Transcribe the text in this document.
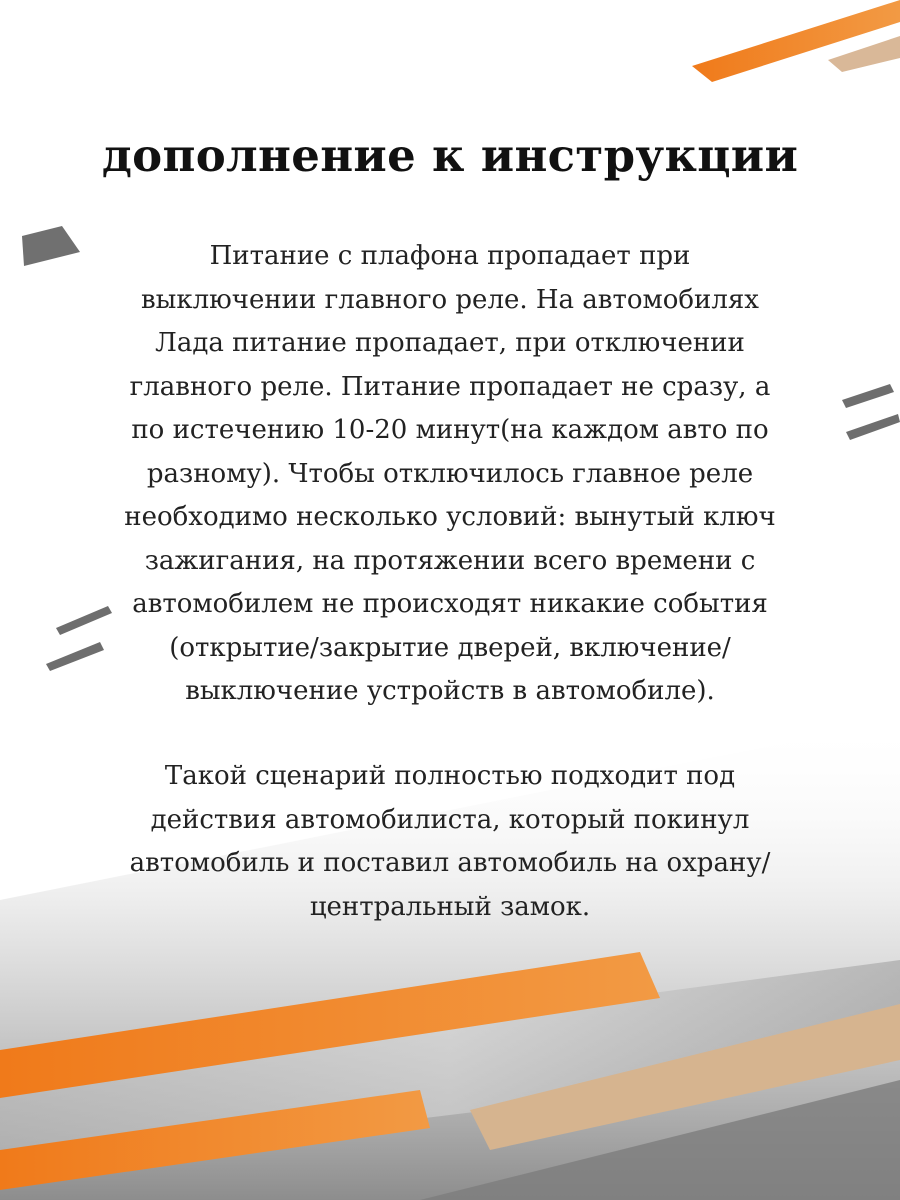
дополнение к инструкции

Питание с плафона пропадает при
выключении главного реле. На автомобилях
Лада питание пропадает, при отключении
главного реле. Питание пропадает не сразу, а
по истечению 10-20 минут(на каждом авто по
разному). Чтобы отключилось главное реле
необходимо несколько условий: вынутый ключ
зажигания, на протяжении всего времени с
автомобилем не происходят никакие события
(открытие/закрытие дверей, включение/
выключение устройств в автомобиле).

Такой сценарий полностью подходит под
действия автомобилиста, который покинул
автомобиль и поставил автомобиль на охрану/
центральный замок.
